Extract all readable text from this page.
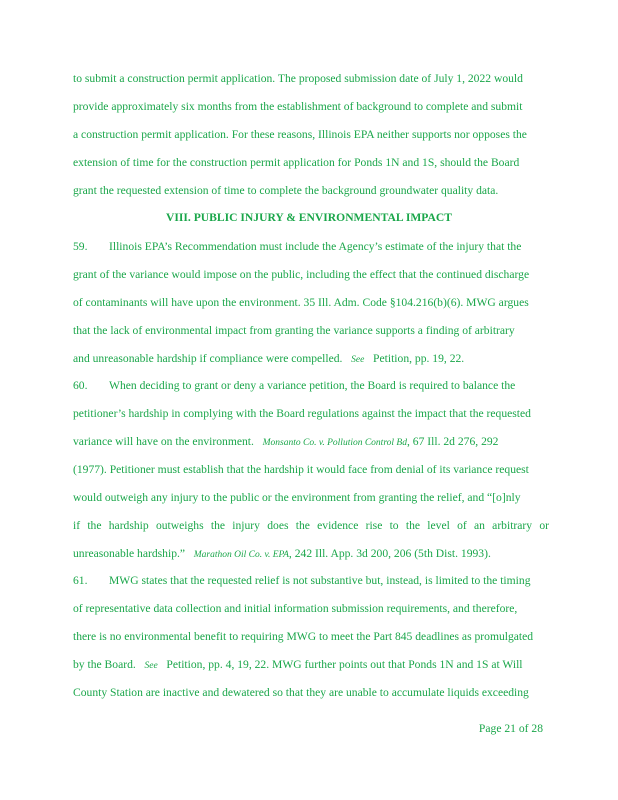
to submit a construction permit application. The proposed submission date of July 1, 2022 would
provide approximately six months from the establishment of background to complete and submit
a construction permit application. For these reasons, Illinois EPA neither supports nor opposes the
extension of time for the construction permit application for Ponds 1N and 1S, should the Board
grant the requested extension of time to complete the background groundwater quality data.
VIII. PUBLIC INJURY & ENVIRONMENTAL IMPACT
59. Illinois EPA’s Recommendation must include the Agency’s estimate of the injury that the
grant of the variance would impose on the public, including the effect that the continued discharge
of contaminants will have upon the environment. 35 Ill. Adm. Code §104.216(b)(6). MWG argues
that the lack of environmental impact from granting the variance supports a finding of arbitrary
and unreasonable hardship if compliance were compelled. See Petition, pp. 19, 22.
60. When deciding to grant or deny a variance petition, the Board is required to balance the
petitioner’s hardship in complying with the Board regulations against the impact that the requested
variance will have on the environment. Monsanto Co. v. Pollution Control Bd, 67 Ill. 2d 276, 292
(1977). Petitioner must establish that the hardship it would face from denial of its variance request
would outweigh any injury to the public or the environment from granting the relief, and “[o]nly
if the hardship outweighs the injury does the evidence rise to the level of an arbitrary or
unreasonable hardship.” Marathon Oil Co. v. EPA, 242 Ill. App. 3d 200, 206 (5th Dist. 1993).
61. MWG states that the requested relief is not substantive but, instead, is limited to the timing
of representative data collection and initial information submission requirements, and therefore,
there is no environmental benefit to requiring MWG to meet the Part 845 deadlines as promulgated
by the Board. See Petition, pp. 4, 19, 22. MWG further points out that Ponds 1N and 1S at Will
County Station are inactive and dewatered so that they are unable to accumulate liquids exceeding
Page 21 of 28
